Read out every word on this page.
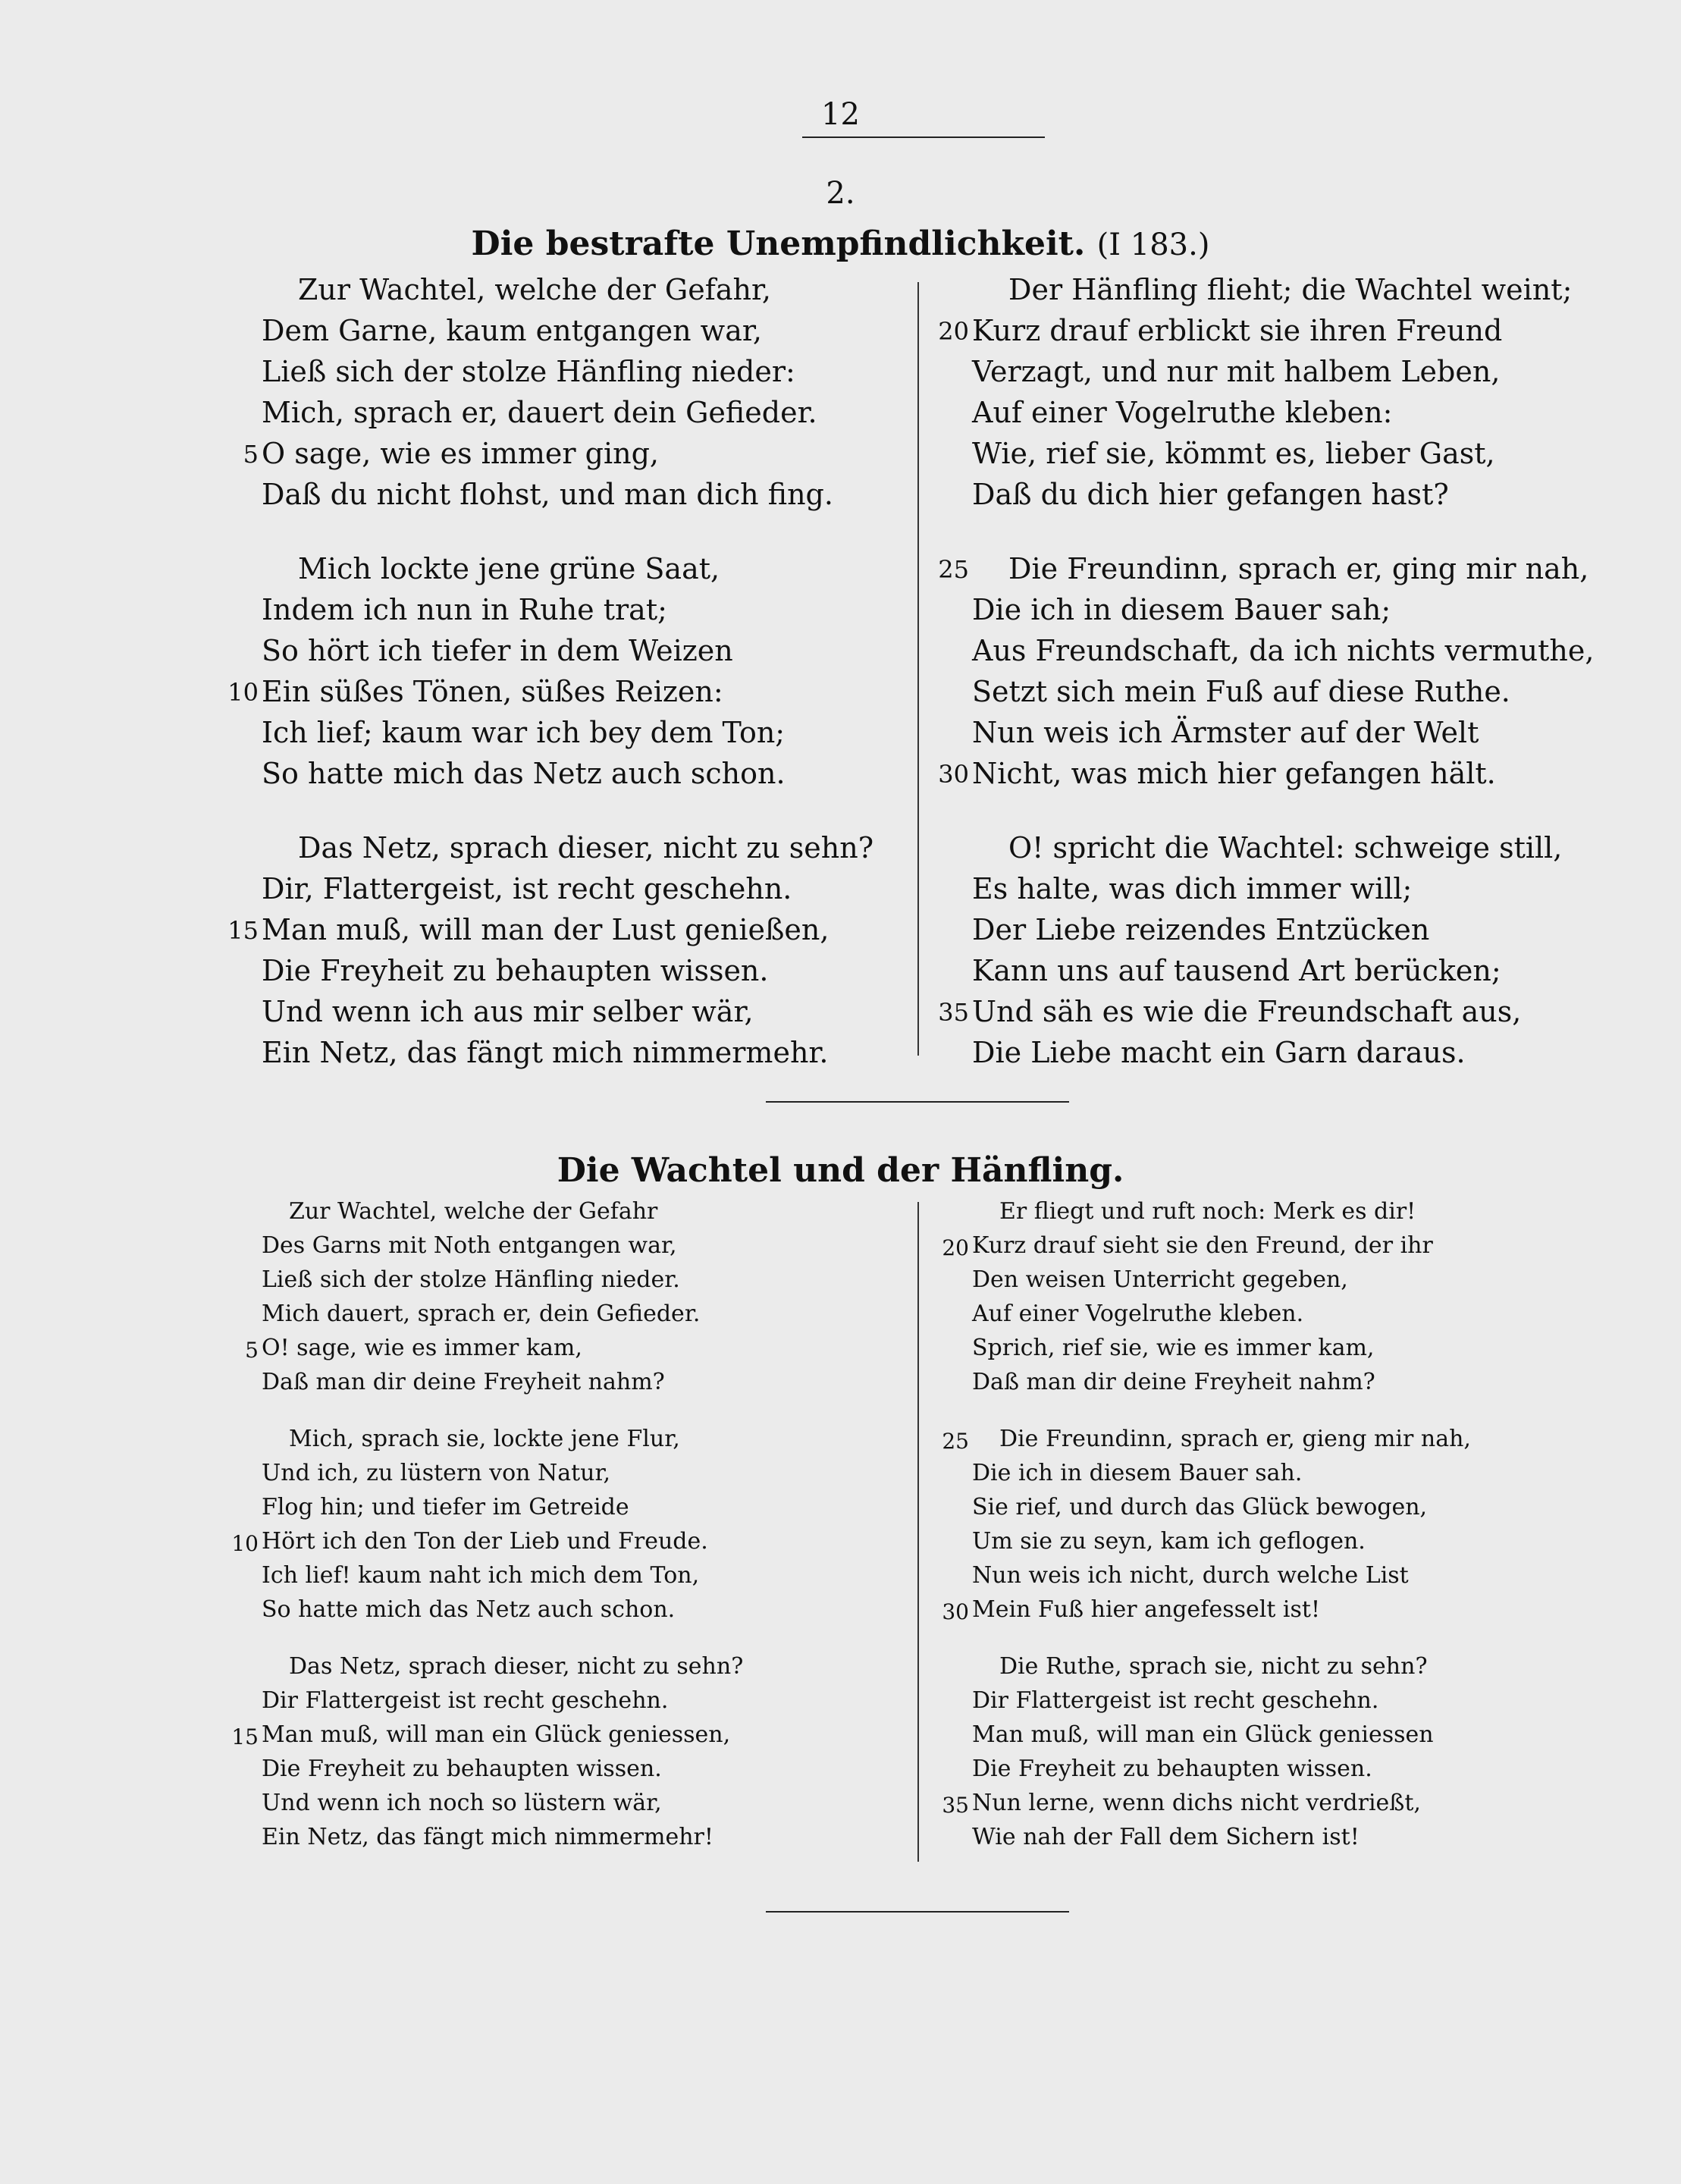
12
2.
Die bestrafte Unempfindlichkeit. (I 183.)
Zur Wachtel, welche der Gefahr,
Dem Garne, kaum entgangen war,
Ließ sich der stolze Hänfling nieder:
Mich, sprach er, dauert dein Gefieder.
O sage, wie es immer ging,
5
Daß du nicht flohst, und man dich fing.
Mich lockte jene grüne Saat,
Indem ich nun in Ruhe trat;
So hört ich tiefer in dem Weizen
Ein süßes Tönen, süßes Reizen:
10
Ich lief; kaum war ich bey dem Ton;
So hatte mich das Netz auch schon.
Das Netz, sprach dieser, nicht zu sehn?
Dir, Flattergeist, ist recht geschehn.
Man muß, will man der Lust genießen,
15
Die Freyheit zu behaupten wissen.
Und wenn ich aus mir selber wär,
Ein Netz, das fängt mich nimmermehr.
Der Hänfling flieht; die Wachtel weint;
Kurz drauf erblickt sie ihren Freund
20
Verzagt, und nur mit halbem Leben,
Auf einer Vogelruthe kleben:
Wie, rief sie, kömmt es, lieber Gast,
Daß du dich hier gefangen hast?
Die Freundinn, sprach er, ging mir nah,
25
Die ich in diesem Bauer sah;
Aus Freundschaft, da ich nichts vermuthe,
Setzt sich mein Fuß auf diese Ruthe.
Nun weis ich Ärmster auf der Welt
Nicht, was mich hier gefangen hält.
30
O! spricht die Wachtel: schweige still,
Es halte, was dich immer will;
Der Liebe reizendes Entzücken
Kann uns auf tausend Art berücken;
Und säh es wie die Freundschaft aus,
35
Die Liebe macht ein Garn daraus.
Die Wachtel und der Hänfling.
Zur Wachtel, welche der Gefahr
Des Garns mit Noth entgangen war,
Ließ sich der stolze Hänfling nieder.
Mich dauert, sprach er, dein Gefieder.
O! sage, wie es immer kam,
5
Daß man dir deine Freyheit nahm?
Mich, sprach sie, lockte jene Flur,
Und ich, zu lüstern von Natur,
Flog hin; und tiefer im Getreide
Hört ich den Ton der Lieb und Freude.
10
Ich lief! kaum naht ich mich dem Ton,
So hatte mich das Netz auch schon.
Das Netz, sprach dieser, nicht zu sehn?
Dir Flattergeist ist recht geschehn.
Man muß, will man ein Glück geniessen,
15
Die Freyheit zu behaupten wissen.
Und wenn ich noch so lüstern wär,
Ein Netz, das fängt mich nimmermehr!
Er fliegt und ruft noch: Merk es dir!
Kurz drauf sieht sie den Freund, der ihr
20
Den weisen Unterricht gegeben,
Auf einer Vogelruthe kleben.
Sprich, rief sie, wie es immer kam,
Daß man dir deine Freyheit nahm?
Die Freundinn, sprach er, gieng mir nah,
25
Die ich in diesem Bauer sah.
Sie rief, und durch das Glück bewogen,
Um sie zu seyn, kam ich geflogen.
Nun weis ich nicht, durch welche List
Mein Fuß hier angefesselt ist!
30
Die Ruthe, sprach sie, nicht zu sehn?
Dir Flattergeist ist recht geschehn.
Man muß, will man ein Glück geniessen
Die Freyheit zu behaupten wissen.
Nun lerne, wenn dichs nicht verdrießt,
35
Wie nah der Fall dem Sichern ist!
